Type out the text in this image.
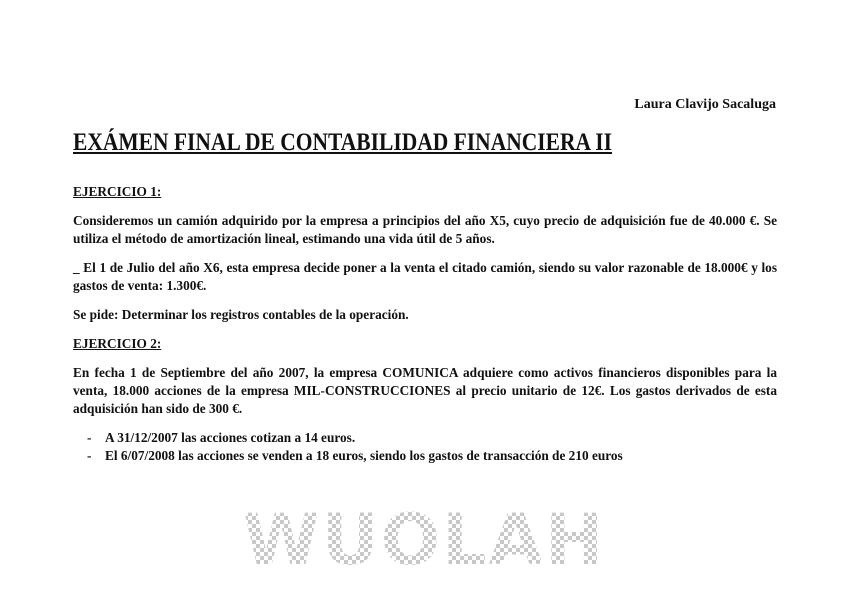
Laura Clavijo Sacaluga
EXÁMEN FINAL DE CONTABILIDAD FINANCIERA II
EJERCICIO 1:

Consideremos un camión adquirido por la empresa a principios del año X5, cuyo precio de adquisición fue de 40.000 €. Se utiliza el método de amortización lineal, estimando una vida útil de 5 años.

_ El 1 de Julio del año X6, esta empresa decide poner a la venta el citado camión, siendo su valor razonable de 18.000€ y los gastos de venta: 1.300€.

Se pide: Determinar los registros contables de la operación.

EJERCICIO 2:

En fecha 1 de Septiembre del año 2007, la empresa COMUNICA adquiere como activos financieros disponibles para la venta, 18.000 acciones de la empresa MIL-CONSTRUCCIONES al precio unitario de 12€. Los gastos derivados de esta adquisición han sido de 300 €.

- A 31/12/2007 las acciones cotizan a 14 euros.
- El 6/07/2008 las acciones se venden a 18 euros, siendo los gastos de transacción de 210 euros
WUOLAH
